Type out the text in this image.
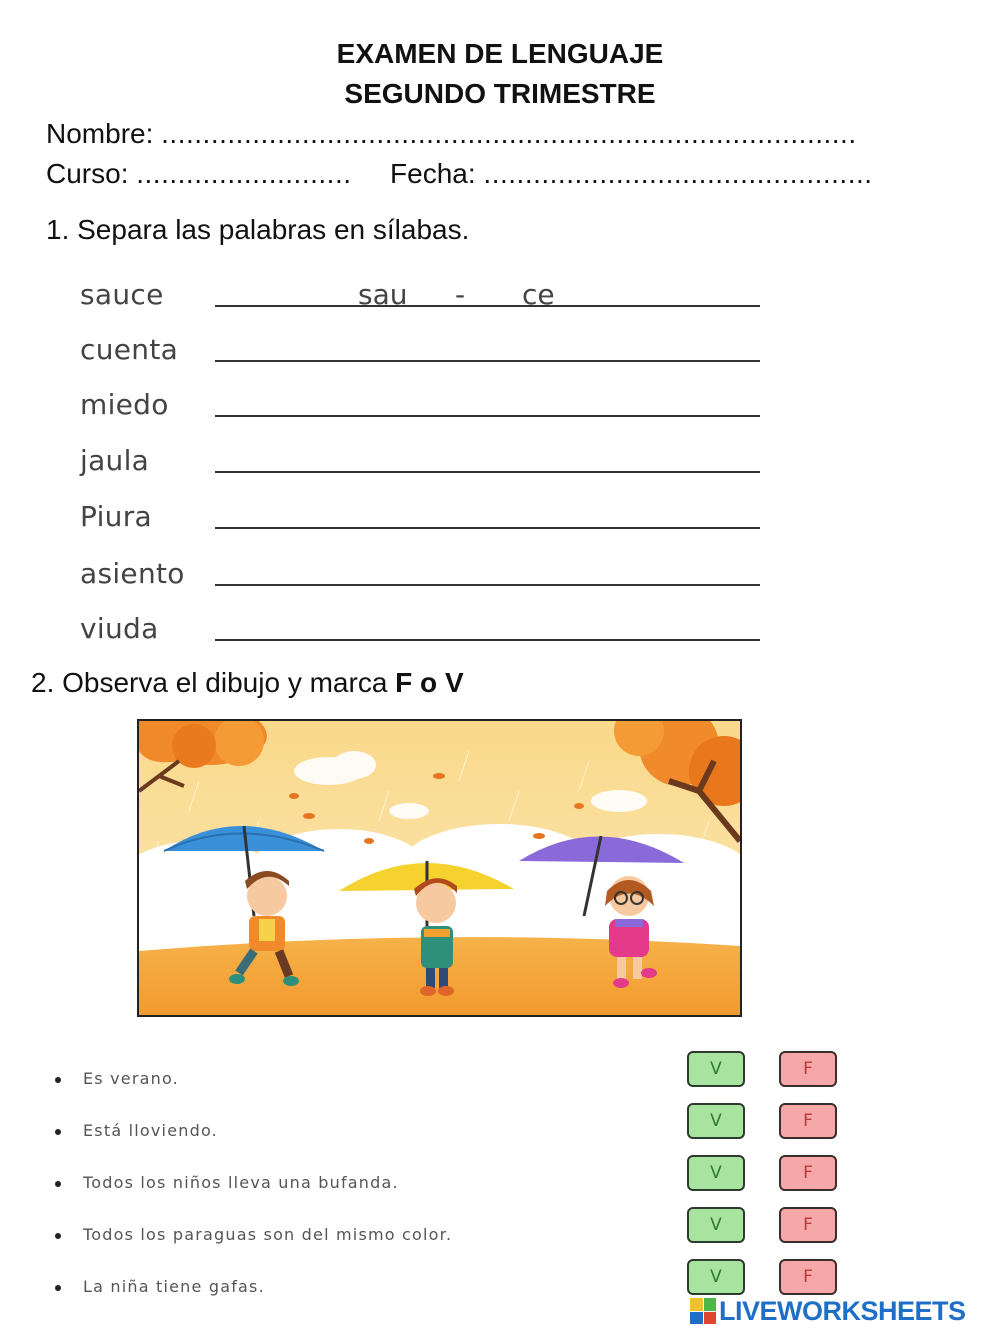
EXAMEN DE LENGUAJE
SEGUNDO TRIMESTRE
Nombre: ....................................................................................
Curso: .......................... Fecha: ...............................................
1. Separa las palabras en sílabas.
sauce	sau - ce
cuenta
miedo
jaula
Piura
asiento
viuda
2. Observa el dibujo y marca F o V
Es verano.	V	F
Está lloviendo.	V	F
Todos los niños lleva una bufanda.	V	F
Todos los paraguas son del mismo color.	V	F
La niña tiene gafas.	V	F
LIVEWORKSHEETS
